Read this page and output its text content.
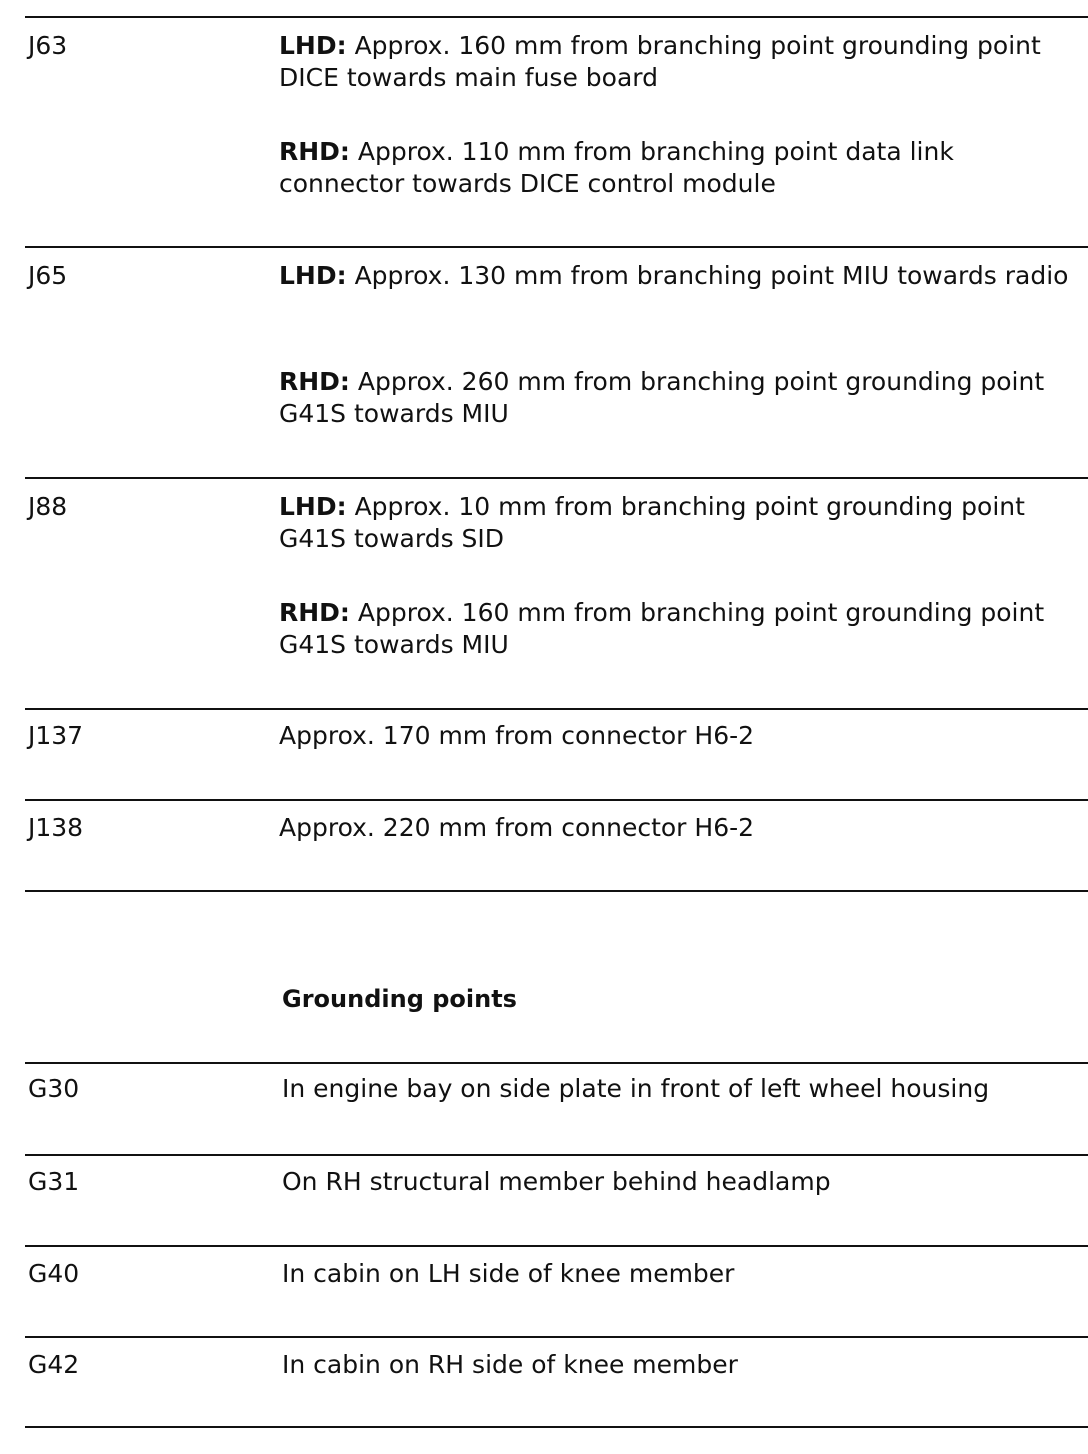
J63	LHD: Approx. 160 mm from branching point grounding point DICE towards main fuse board
RHD: Approx. 110 mm from branching point data link connector towards DICE control module
J65	LHD: Approx. 130 mm from branching point MIU towards radio
RHD: Approx. 260 mm from branching point grounding point G41S towards MIU
J88	LHD: Approx. 10 mm from branching point grounding point G41S towards SID
RHD: Approx. 160 mm from branching point grounding point G41S towards MIU
J137	Approx. 170 mm from connector H6-2
J138	Approx. 220 mm from connector H6-2
Grounding points
G30	In engine bay on side plate in front of left wheel housing
G31	On RH structural member behind headlamp
G40	In cabin on LH side of knee member
G42	In cabin on RH side of knee member
